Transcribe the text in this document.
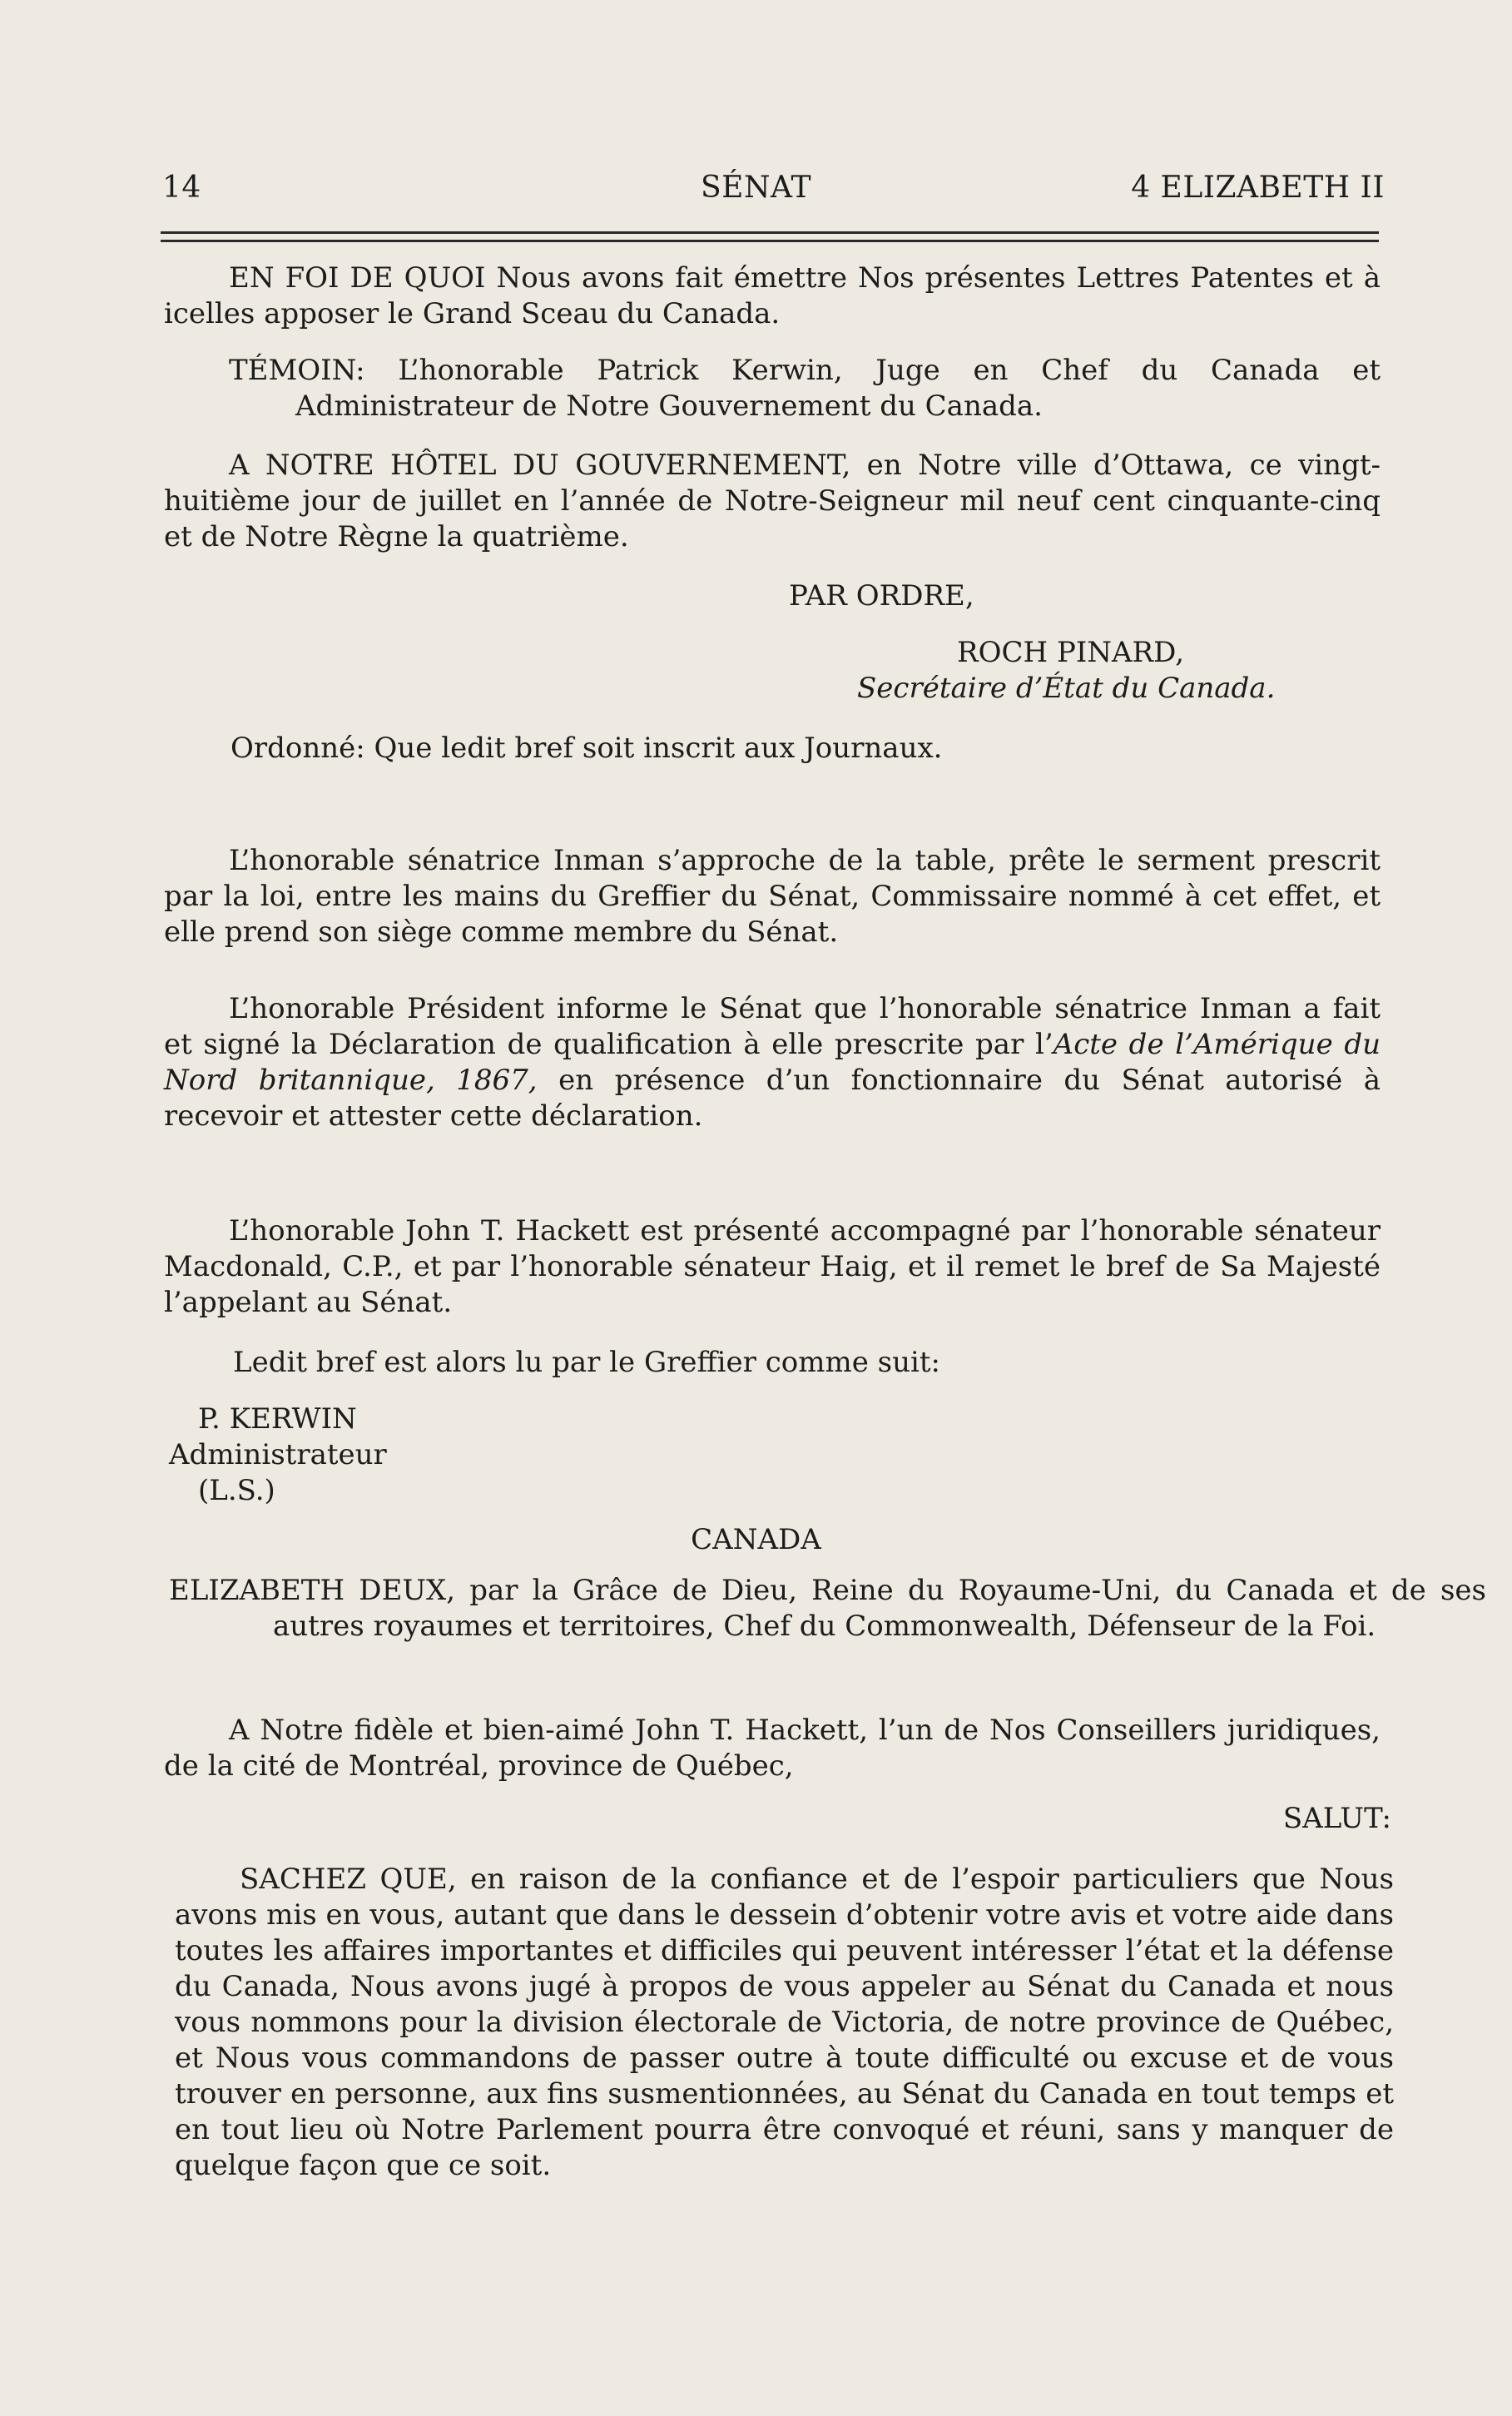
14	SÉNAT	4 ELIZABETH II

EN FOI DE QUOI Nous avons fait émettre Nos présentes Lettres Patentes et à icelles apposer le Grand Sceau du Canada.

TÉMOIN: L’honorable Patrick Kerwin, Juge en Chef du Canada et Administrateur de Notre Gouvernement du Canada.

A NOTRE HÔTEL DU GOUVERNEMENT, en Notre ville d’Ottawa, ce vingt-huitième jour de juillet en l’année de Notre-Seigneur mil neuf cent cinquante-cinq et de Notre Règne la quatrième.

PAR ORDRE,
ROCH PINARD,
Secrétaire d’État du Canada.
Ordonné: Que ledit bref soit inscrit aux Journaux.

L’honorable sénatrice Inman s’approche de la table, prête le serment prescrit par la loi, entre les mains du Greffier du Sénat, Commissaire nommé à cet effet, et elle prend son siège comme membre du Sénat.

L’honorable Président informe le Sénat que l’honorable sénatrice Inman a fait et signé la Déclaration de qualification à elle prescrite par l’Acte de l’Amérique du Nord britannique, 1867, en présence d’un fonctionnaire du Sénat autorisé à recevoir et attester cette déclaration.

L’honorable John T. Hackett est présenté accompagné par l’honorable sénateur Macdonald, C.P., et par l’honorable sénateur Haig, et il remet le bref de Sa Majesté l’appelant au Sénat.

Ledit bref est alors lu par le Greffier comme suit:
P. KERWIN
Administrateur
(L.S.)
CANADA

ELIZABETH DEUX, par la Grâce de Dieu, Reine du Royaume-Uni, du Canada et de ses autres royaumes et territoires, Chef du Commonwealth, Défenseur de la Foi.

A Notre fidèle et bien-aimé John T. Hackett, l’un de Nos Conseillers juridiques, de la cité de Montréal, province de Québec,

SALUT:

SACHEZ QUE, en raison de la confiance et de l’espoir particuliers que Nous avons mis en vous, autant que dans le dessein d’obtenir votre avis et votre aide dans toutes les affaires importantes et difficiles qui peuvent intéresser l’état et la défense du Canada, Nous avons jugé à propos de vous appeler au Sénat du Canada et nous vous nommons pour la division électorale de Victoria, de notre province de Québec, et Nous vous commandons de passer outre à toute difficulté ou excuse et de vous trouver en personne, aux fins susmentionnées, au Sénat du Canada en tout temps et en tout lieu où Notre Parlement pourra être convoqué et réuni, sans y manquer de quelque façon que ce soit.
